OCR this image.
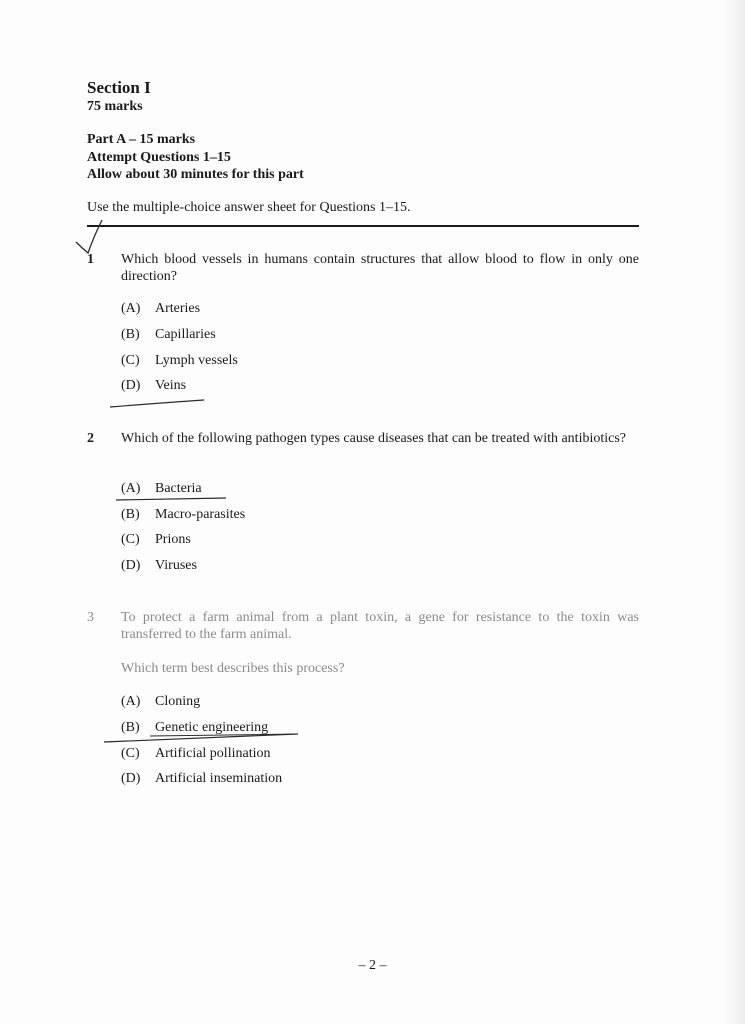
Section I
75 marks
Part A – 15 marks
Attempt Questions 1–15
Allow about 30 minutes for this part
Use the multiple-choice answer sheet for Questions 1–15.
1 Which blood vessels in humans contain structures that allow blood to flow in only one direction?
(A) Arteries
(B) Capillaries
(C) Lymph vessels
(D) Veins
2 Which of the following pathogen types cause diseases that can be treated with antibiotics?
(A) Bacteria
(B) Macro-parasites
(C) Prions
(D) Viruses
3 To protect a farm animal from a plant toxin, a gene for resistance to the toxin was transferred to the farm animal.
Which term best describes this process?
(A) Cloning
(B) Genetic engineering
(C) Artificial pollination
(D) Artificial insemination
– 2 –
